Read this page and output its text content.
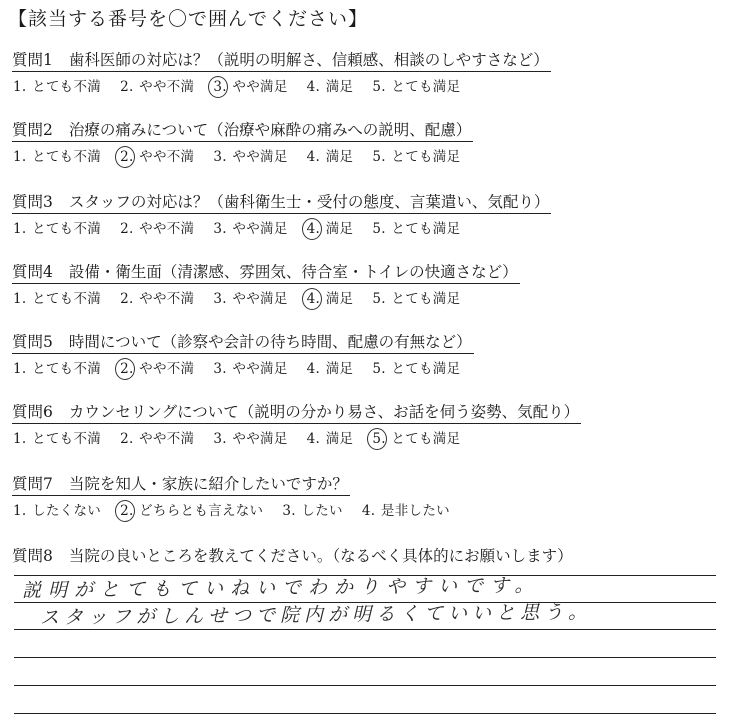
【該当する番号を〇で囲んでください】
質問1 歯科医師の対応は？（説明の明解さ、信頼感、相談のしやすさなど）
1. とても不満 2. やや不満 3. やや満足 4. 満足 5. とても満足
質問2 治療の痛みについて（治療や麻酔の痛みへの説明、配慮）
1. とても不満 2. やや不満 3. やや満足 4. 満足 5. とても満足
質問3 スタッフの対応は？（歯科衛生士・受付の態度、言葉遣い、気配り）
1. とても不満 2. やや不満 3. やや満足 4. 満足 5. とても満足
質問4 設備・衛生面（清潔感、雰囲気、待合室・トイレの快適さなど）
1. とても不満 2. やや不満 3. やや満足 4. 満足 5. とても満足
質問5 時間について（診察や会計の待ち時間、配慮の有無など）
1. とても不満 2. やや不満 3. やや満足 4. 満足 5. とても満足
質問6 カウンセリングについて（説明の分かり易さ、お話を伺う姿勢、気配り）
1. とても不満 2. やや不満 3. やや満足 4. 満足 5. とても満足
質問7 当院を知人・家族に紹介したいですか？
1. したくない 2. どちらとも言えない 3. したい 4. 是非したい
質問8 当院の良いところを教えてください。（なるべく具体的にお願いします）
説明がとてもていねいでわかりやすいです。
スタッフがしんせつで院内が明るくていいと思う。
